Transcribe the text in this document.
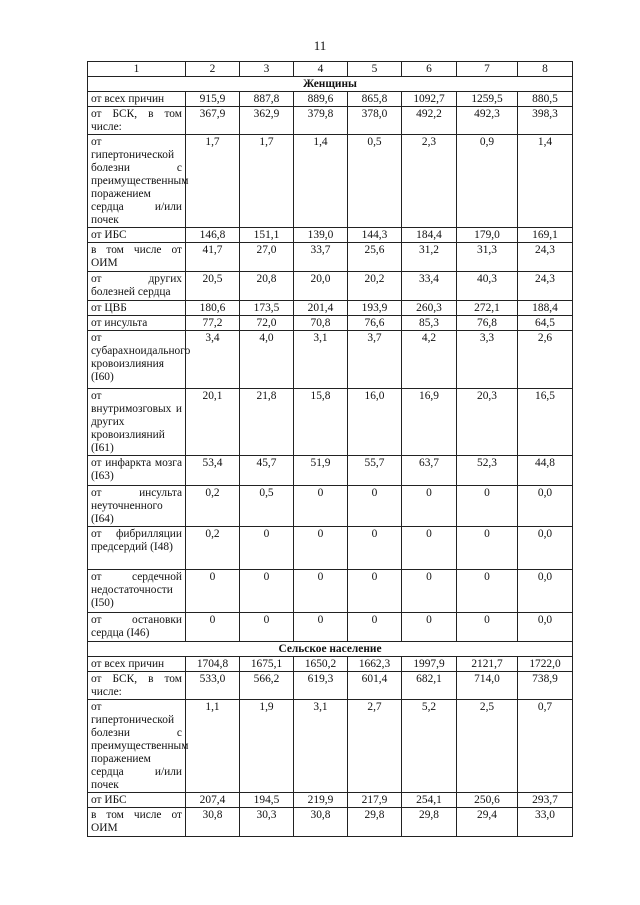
11
1	2	3	4	5	6	7	8
Женщины							
от всех причин	915,9	887,8	889,6	865,8	1092,7	1259,5	880,5
от БСК, в том числе:	367,9	362,9	379,8	378,0	492,2	492,3	398,3
от гипертонической болезни с преимущественным поражением сердца и/или почек	1,7	1,7	1,4	0,5	2,3	0,9	1,4
от ИБС	146,8	151,1	139,0	144,3	184,4	179,0	169,1
в том числе от ОИМ	41,7	27,0	33,7	25,6	31,2	31,3	24,3
от других болезней сердца	20,5	20,8	20,0	20,2	33,4	40,3	24,3
от ЦВБ	180,6	173,5	201,4	193,9	260,3	272,1	188,4
от инсульта	77,2	72,0	70,8	76,6	85,3	76,8	64,5
от субарахноидального кровоизлияния (I60)	3,4	4,0	3,1	3,7	4,2	3,3	2,6
от внутримозговых и других кровоизлияний (I61)	20,1	21,8	15,8	16,0	16,9	20,3	16,5
от инфаркта мозга (I63)	53,4	45,7	51,9	55,7	63,7	52,3	44,8
от инсульта неуточненного (I64)	0,2	0,5	0	0	0	0	0,0
от фибрилляции предсердий (I48)	0,2	0	0	0	0	0	0,0
от сердечной недостаточности (I50)	0	0	0	0	0	0	0,0
от остановки сердца (I46)	0	0	0	0	0	0	0,0
Сельское население							
от всех причин	1704,8	1675,1	1650,2	1662,3	1997,9	2121,7	1722,0
от БСК, в том числе:	533,0	566,2	619,3	601,4	682,1	714,0	738,9
от гипертонической болезни с преимущественным поражением сердца и/или почек	1,1	1,9	3,1	2,7	5,2	2,5	0,7
от ИБС	207,4	194,5	219,9	217,9	254,1	250,6	293,7
в том числе от ОИМ	30,8	30,3	30,8	29,8	29,8	29,4	33,0
